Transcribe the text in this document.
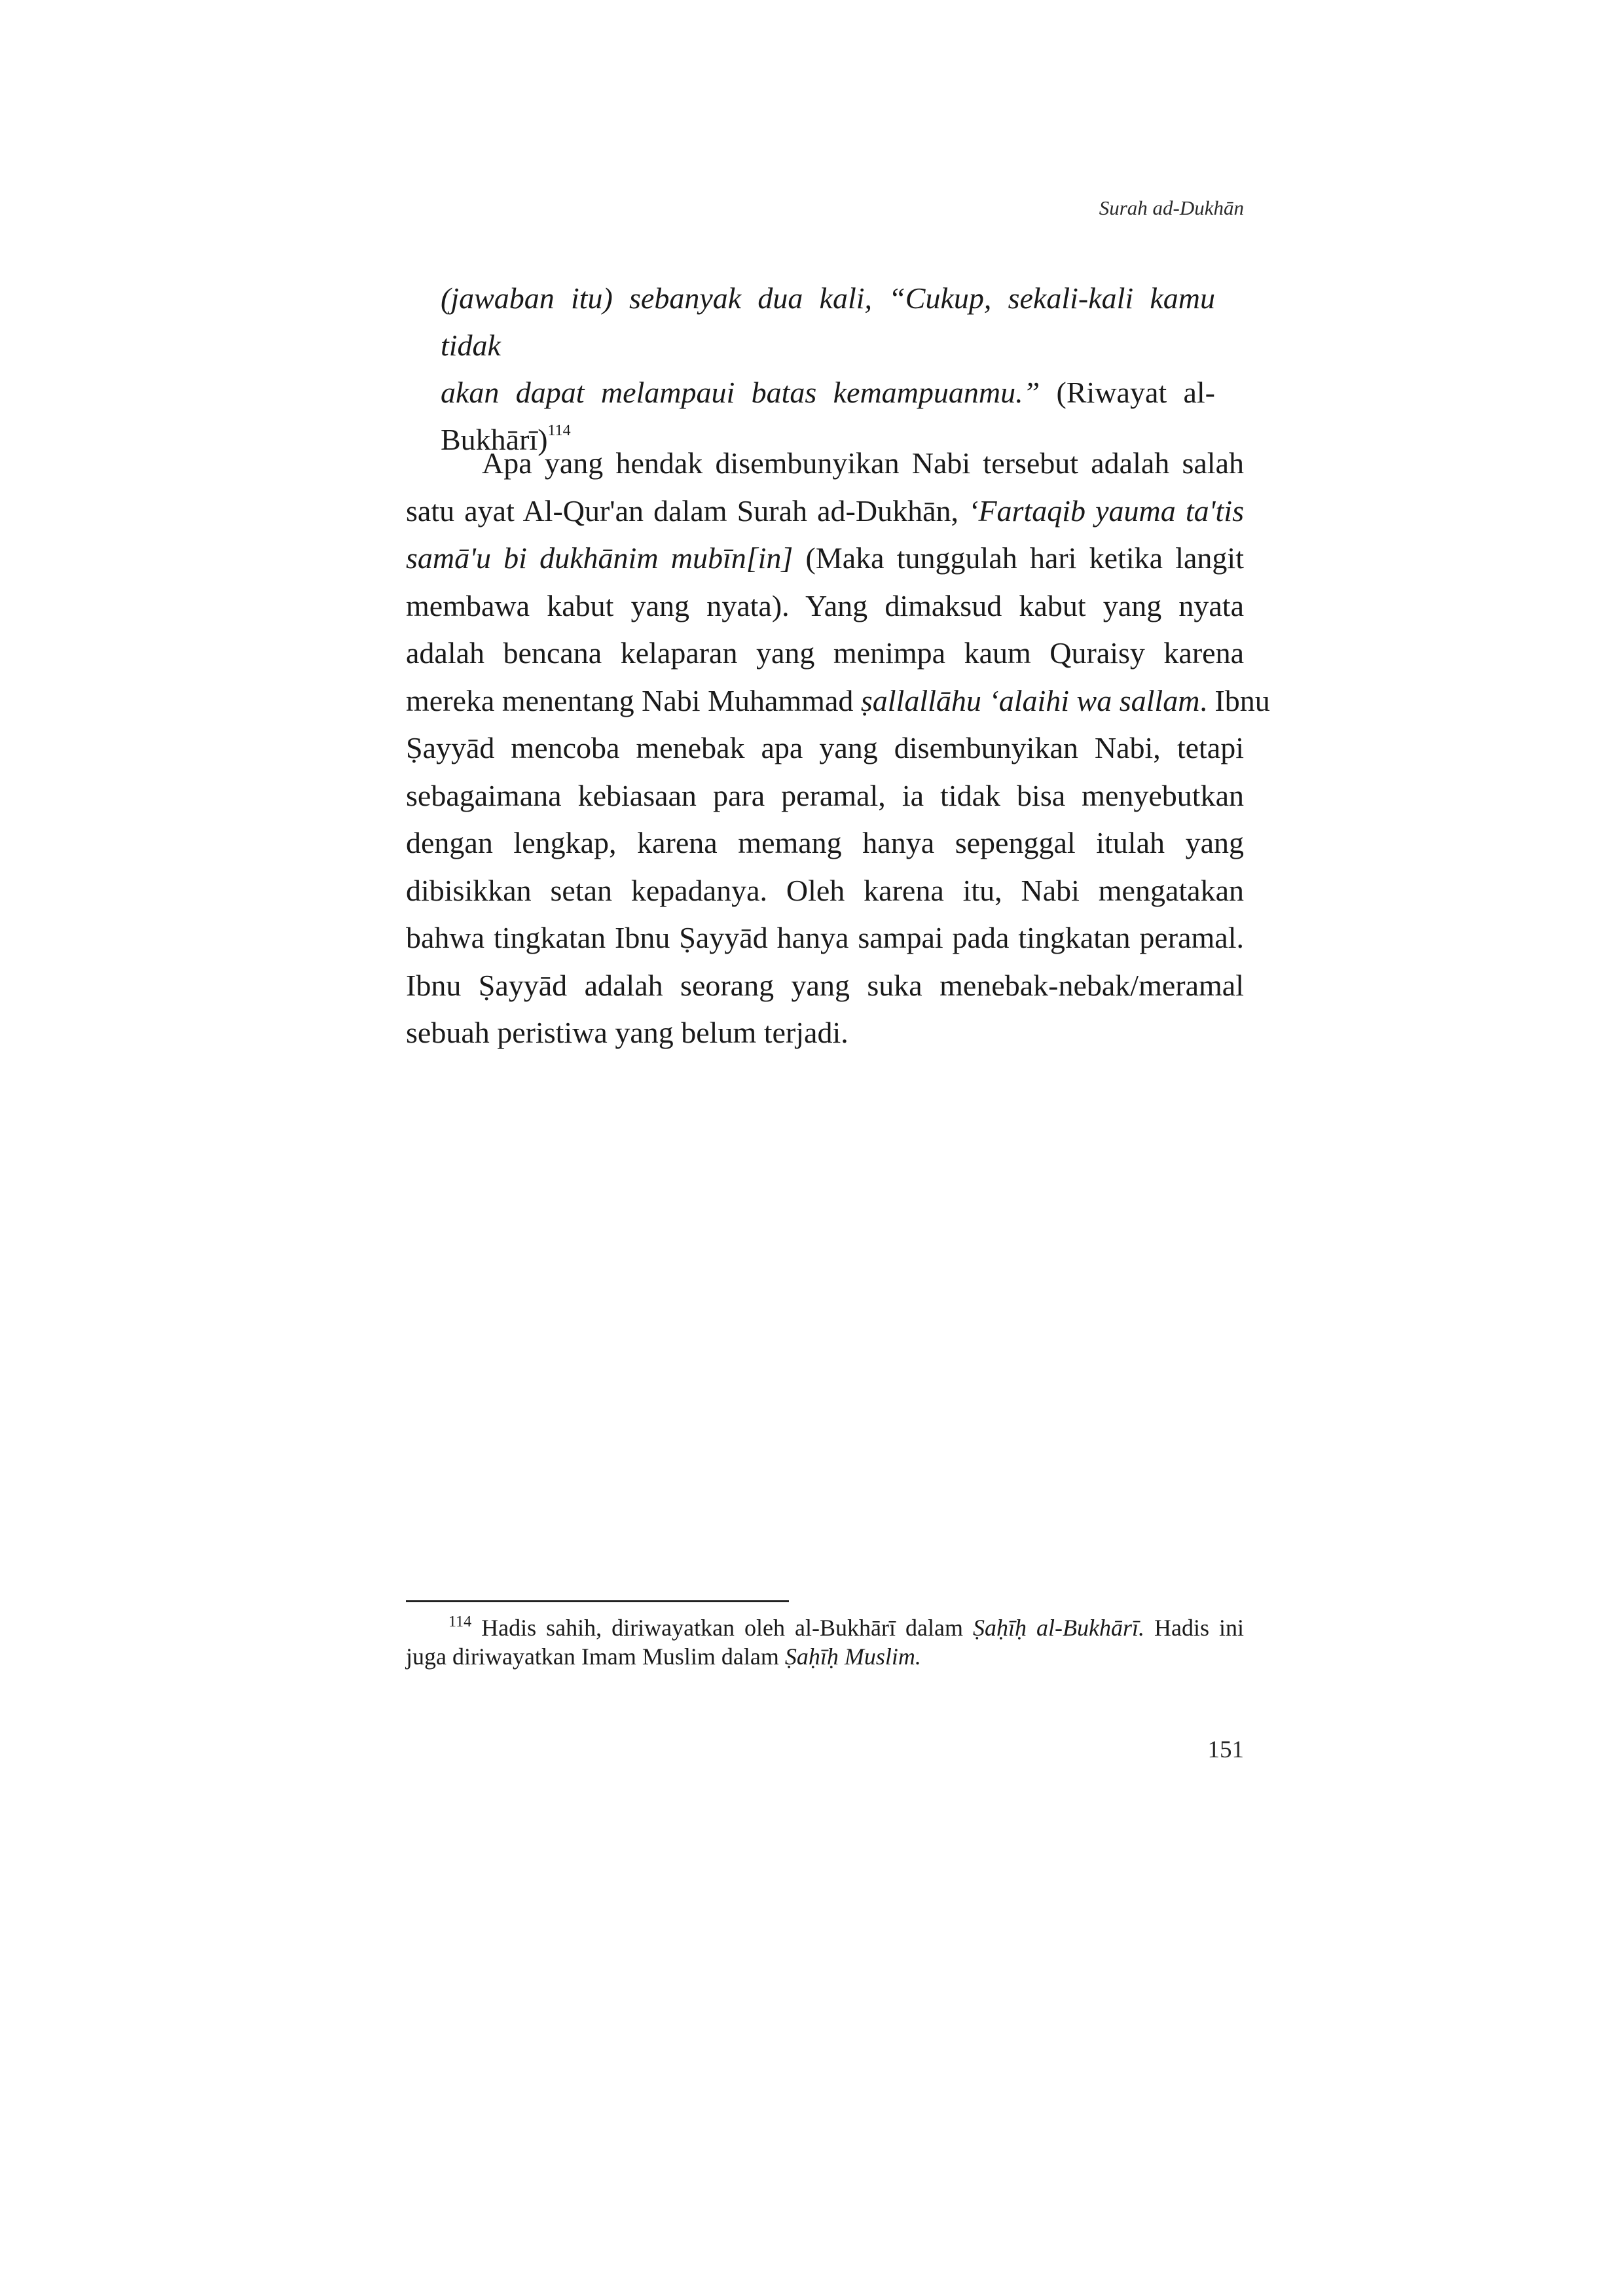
Surah ad-Dukhān
(jawaban itu) sebanyak dua kali, “Cukup, sekali-kali kamu tidak
akan dapat melampaui batas kemampuanmu.” (Riwayat al-
Bukhārī)$^{114}$
Apa yang hendak disembunyikan Nabi tersebut adalah salah
satu ayat Al-Qur'an dalam Surah ad-Dukhān, ‘Fartaqib yauma ta'tis
samā'u bi dukhānim mubīn[in] (Maka tunggulah hari ketika langit
membawa kabut yang nyata). Yang dimaksud kabut yang nyata
adalah bencana kelaparan yang menimpa kaum Quraisy karena
mereka menentang Nabi Muhammad ṣallallāhu ‘alaihi wa sallam. Ibnu
Ṣayyād mencoba menebak apa yang disembunyikan Nabi, tetapi
sebagaimana kebiasaan para peramal, ia tidak bisa menyebutkan
dengan lengkap, karena memang hanya sepenggal itulah yang
dibisikkan setan kepadanya. Oleh karena itu, Nabi mengatakan
bahwa tingkatan Ibnu Ṣayyād hanya sampai pada tingkatan peramal.
Ibnu Ṣayyād adalah seorang yang suka menebak-nebak/meramal
sebuah peristiwa yang belum terjadi.
$^{114}$ Hadis sahih, diriwayatkan oleh al-Bukhārī dalam Ṣaḥīḥ al-Bukhārī. Hadis ini
juga diriwayatkan Imam Muslim dalam Ṣaḥīḥ Muslim.
151
